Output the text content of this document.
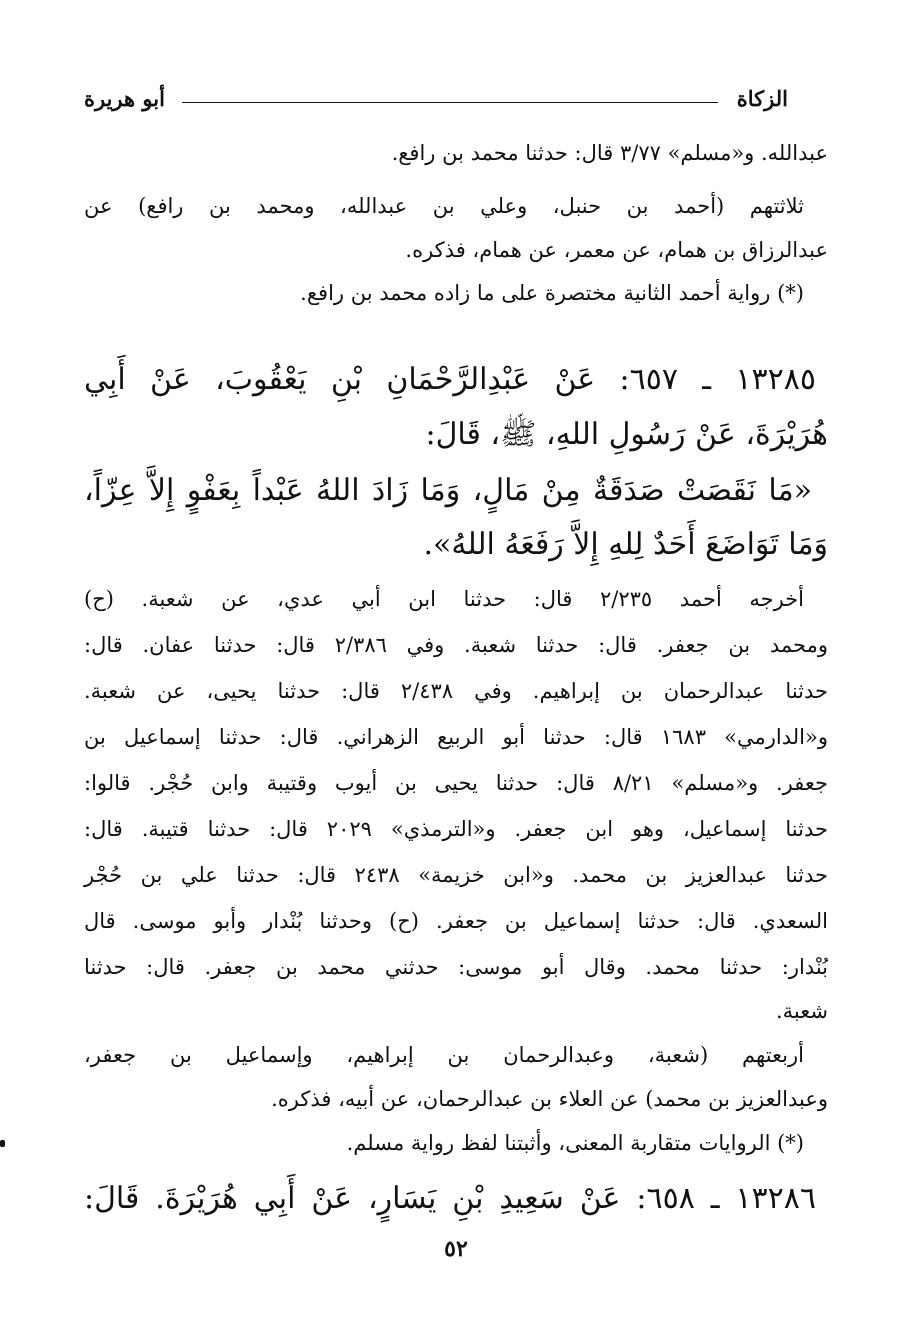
الزكاة
أبو هريرة
عبدالله. و«مسلم» ٣/٧٧ قال: حدثنا محمد بن رافع.
ثلاثتهم (أحمد بن حنبل، وعلي بن عبدالله، ومحمد بن رافع) عن
عبدالرزاق بن همام، عن معمر، عن همام، فذكره.
(*) رواية أحمد الثانية مختصرة على ما زاده محمد بن رافع.
١٣٢٨٥ ـ ٦٥٧: عَنْ عَبْدِالرَّحْمَانِ بْنِ يَعْقُوبَ، عَنْ أَبِي
هُرَيْرَةَ، عَنْ رَسُولِ اللهِ، ﷺ، قَالَ:
«مَا نَقَصَتْ صَدَقَةٌ مِنْ مَالٍ، وَمَا زَادَ اللهُ عَبْداً بِعَفْوٍ إِلاَّ عِزّاً،
وَمَا تَوَاضَعَ أَحَدٌ لِلهِ إِلاَّ رَفَعَهُ اللهُ».
أخرجه أحمد ٢/٢٣٥ قال: حدثنا ابن أبي عدي، عن شعبة. (ح)
ومحمد بن جعفر. قال: حدثنا شعبة. وفي ٢/٣٨٦ قال: حدثنا عفان. قال:
حدثنا عبدالرحمان بن إبراهيم. وفي ٢/٤٣٨ قال: حدثنا يحيى، عن شعبة.
و«الدارمي» ١٦٨٣ قال: حدثنا أبو الربيع الزهراني. قال: حدثنا إسماعيل بن
جعفر. و«مسلم» ٨/٢١ قال: حدثنا يحيى بن أيوب وقتيبة وابن حُجْر. قالوا:
حدثنا إسماعيل، وهو ابن جعفر. و«الترمذي» ٢٠٢٩ قال: حدثنا قتيبة. قال:
حدثنا عبدالعزيز بن محمد. و«ابن خزيمة» ٢٤٣٨ قال: حدثنا علي بن حُجْر
السعدي. قال: حدثنا إسماعيل بن جعفر. (ح) وحدثنا بُنْدار وأبو موسى. قال
بُنْدار: حدثنا محمد. وقال أبو موسى: حدثني محمد بن جعفر. قال: حدثنا
شعبة.
أربعتهم (شعبة، وعبدالرحمان بن إبراهيم، وإسماعيل بن جعفر،
وعبدالعزيز بن محمد) عن العلاء بن عبدالرحمان، عن أبيه، فذكره.
(*) الروايات متقاربة المعنى، وأثبتنا لفظ رواية مسلم.
١٣٢٨٦ ـ ٦٥٨: عَنْ سَعِيدِ بْنِ يَسَارٍ، عَنْ أَبِي هُرَيْرَةَ. قَالَ:
٥٢
